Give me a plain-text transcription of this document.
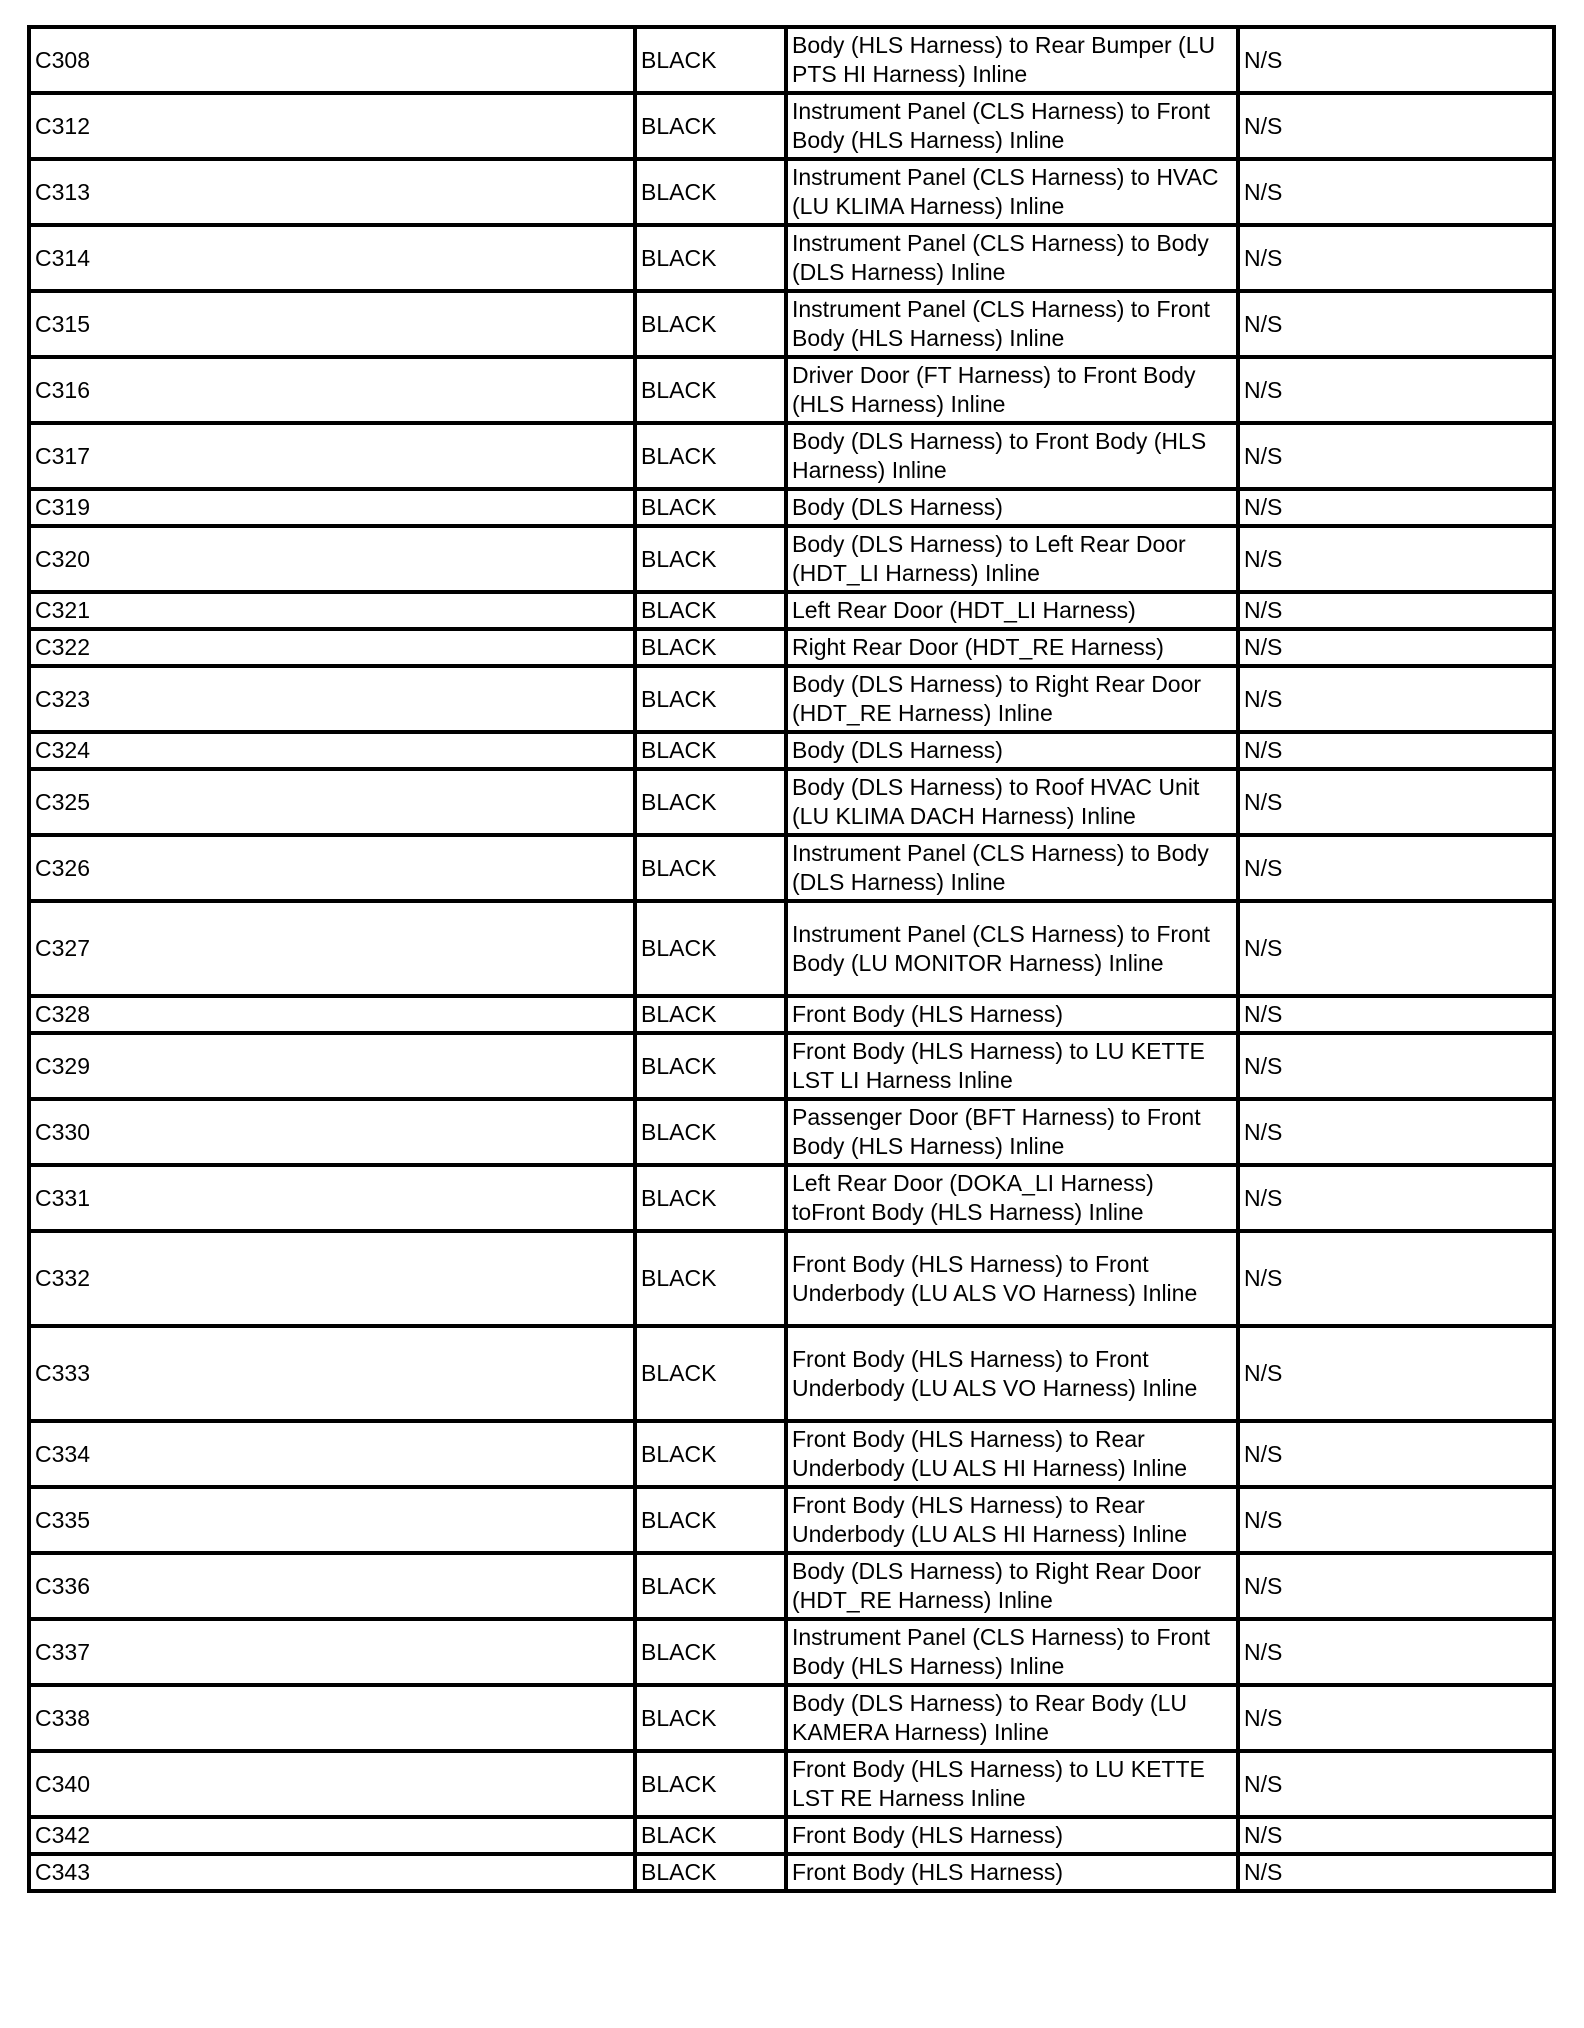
C308	BLACK	Body (HLS Harness) to Rear Bumper (LU PTS HI Harness) Inline	N/S
C312	BLACK	Instrument Panel (CLS Harness) to Front Body (HLS Harness) Inline	N/S
C313	BLACK	Instrument Panel (CLS Harness) to HVAC (LU KLIMA Harness) Inline	N/S
C314	BLACK	Instrument Panel (CLS Harness) to Body (DLS Harness) Inline	N/S
C315	BLACK	Instrument Panel (CLS Harness) to Front Body (HLS Harness) Inline	N/S
C316	BLACK	Driver Door (FT Harness) to Front Body (HLS Harness) Inline	N/S
C317	BLACK	Body (DLS Harness) to Front Body (HLS Harness) Inline	N/S
C319	BLACK	Body (DLS Harness)	N/S
C320	BLACK	Body (DLS Harness) to Left Rear Door (HDT_LI Harness) Inline	N/S
C321	BLACK	Left Rear Door (HDT_LI Harness)	N/S
C322	BLACK	Right Rear Door (HDT_RE Harness)	N/S
C323	BLACK	Body (DLS Harness) to Right Rear Door (HDT_RE Harness) Inline	N/S
C324	BLACK	Body (DLS Harness)	N/S
C325	BLACK	Body (DLS Harness) to Roof HVAC Unit (LU KLIMA DACH Harness) Inline	N/S
C326	BLACK	Instrument Panel (CLS Harness) to Body (DLS Harness) Inline	N/S
C327	BLACK	Instrument Panel (CLS Harness) to Front Body (LU MONITOR Harness) Inline	N/S
C328	BLACK	Front Body (HLS Harness)	N/S
C329	BLACK	Front Body (HLS Harness) to LU KETTE LST LI Harness Inline	N/S
C330	BLACK	Passenger Door (BFT Harness) to Front Body (HLS Harness) Inline	N/S
C331	BLACK	Left Rear Door (DOKA_LI Harness) toFront Body (HLS Harness) Inline	N/S
C332	BLACK	Front Body (HLS Harness) to Front Underbody (LU ALS VO Harness) Inline	N/S
C333	BLACK	Front Body (HLS Harness) to Front Underbody (LU ALS VO Harness) Inline	N/S
C334	BLACK	Front Body (HLS Harness) to Rear Underbody (LU ALS HI Harness) Inline	N/S
C335	BLACK	Front Body (HLS Harness) to Rear Underbody (LU ALS HI Harness) Inline	N/S
C336	BLACK	Body (DLS Harness) to Right Rear Door (HDT_RE Harness) Inline	N/S
C337	BLACK	Instrument Panel (CLS Harness) to Front Body (HLS Harness) Inline	N/S
C338	BLACK	Body (DLS Harness) to Rear Body (LU KAMERA Harness) Inline	N/S
C340	BLACK	Front Body (HLS Harness) to LU KETTE LST RE Harness Inline	N/S
C342	BLACK	Front Body (HLS Harness)	N/S
C343	BLACK	Front Body (HLS Harness)	N/S
